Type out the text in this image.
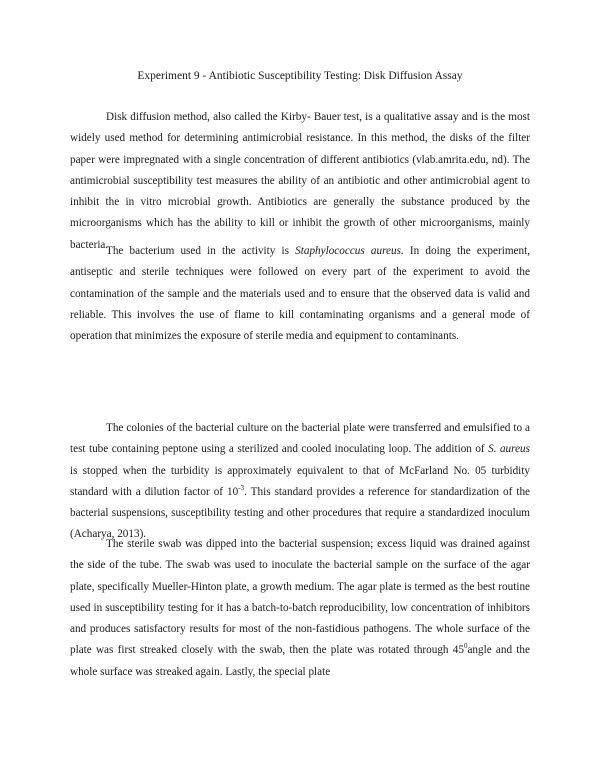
Experiment 9 - Antibiotic Susceptibility Testing: Disk Diffusion Assay

Disk diffusion method, also called the Kirby- Bauer test, is a qualitative assay and is the most widely used method for determining antimicrobial resistance. In this method, the disks of the filter paper were impregnated with a single concentration of different antibiotics (vlab.amrita.edu, nd). The antimicrobial susceptibility test measures the ability of an antibiotic and other antimicrobial agent to inhibit the in vitro microbial growth. Antibiotics are generally the substance produced by the microorganisms which has the ability to kill or inhibit the growth of other microorganisms, mainly bacteria.

The bacterium used in the activity is Staphylococcus aureus. In doing the experiment, antiseptic and sterile techniques were followed on every part of the experiment to avoid the contamination of the sample and the materials used and to ensure that the observed data is valid and reliable. This involves the use of flame to kill contaminating organisms and a general mode of operation that minimizes the exposure of sterile media and equipment to contaminants.

The colonies of the bacterial culture on the bacterial plate were transferred and emulsified to a test tube containing peptone using a sterilized and cooled inoculating loop. The addition of S. aureus is stopped when the turbidity is approximately equivalent to that of McFarland No. 05 turbidity standard with a dilution factor of $10^{-3}$. This standard provides a reference for standardization of the bacterial suspensions, susceptibility testing and other procedures that require a standardized inoculum (Acharya, 2013).

The sterile swab was dipped into the bacterial suspension; excess liquid was drained against the side of the tube. The swab was used to inoculate the bacterial sample on the surface of the agar plate, specifically Mueller-Hinton plate, a growth medium. The agar plate is termed as the best routine used in susceptibility testing for it has a batch-to-batch reproducibility, low concentration of inhibitors and produces satisfactory results for most of the non-fastidious pathogens. The whole surface of the plate was first streaked closely with the swab, then the plate was rotated through $45^0angle$ and the whole surface was streaked again. Lastly, the special plate
